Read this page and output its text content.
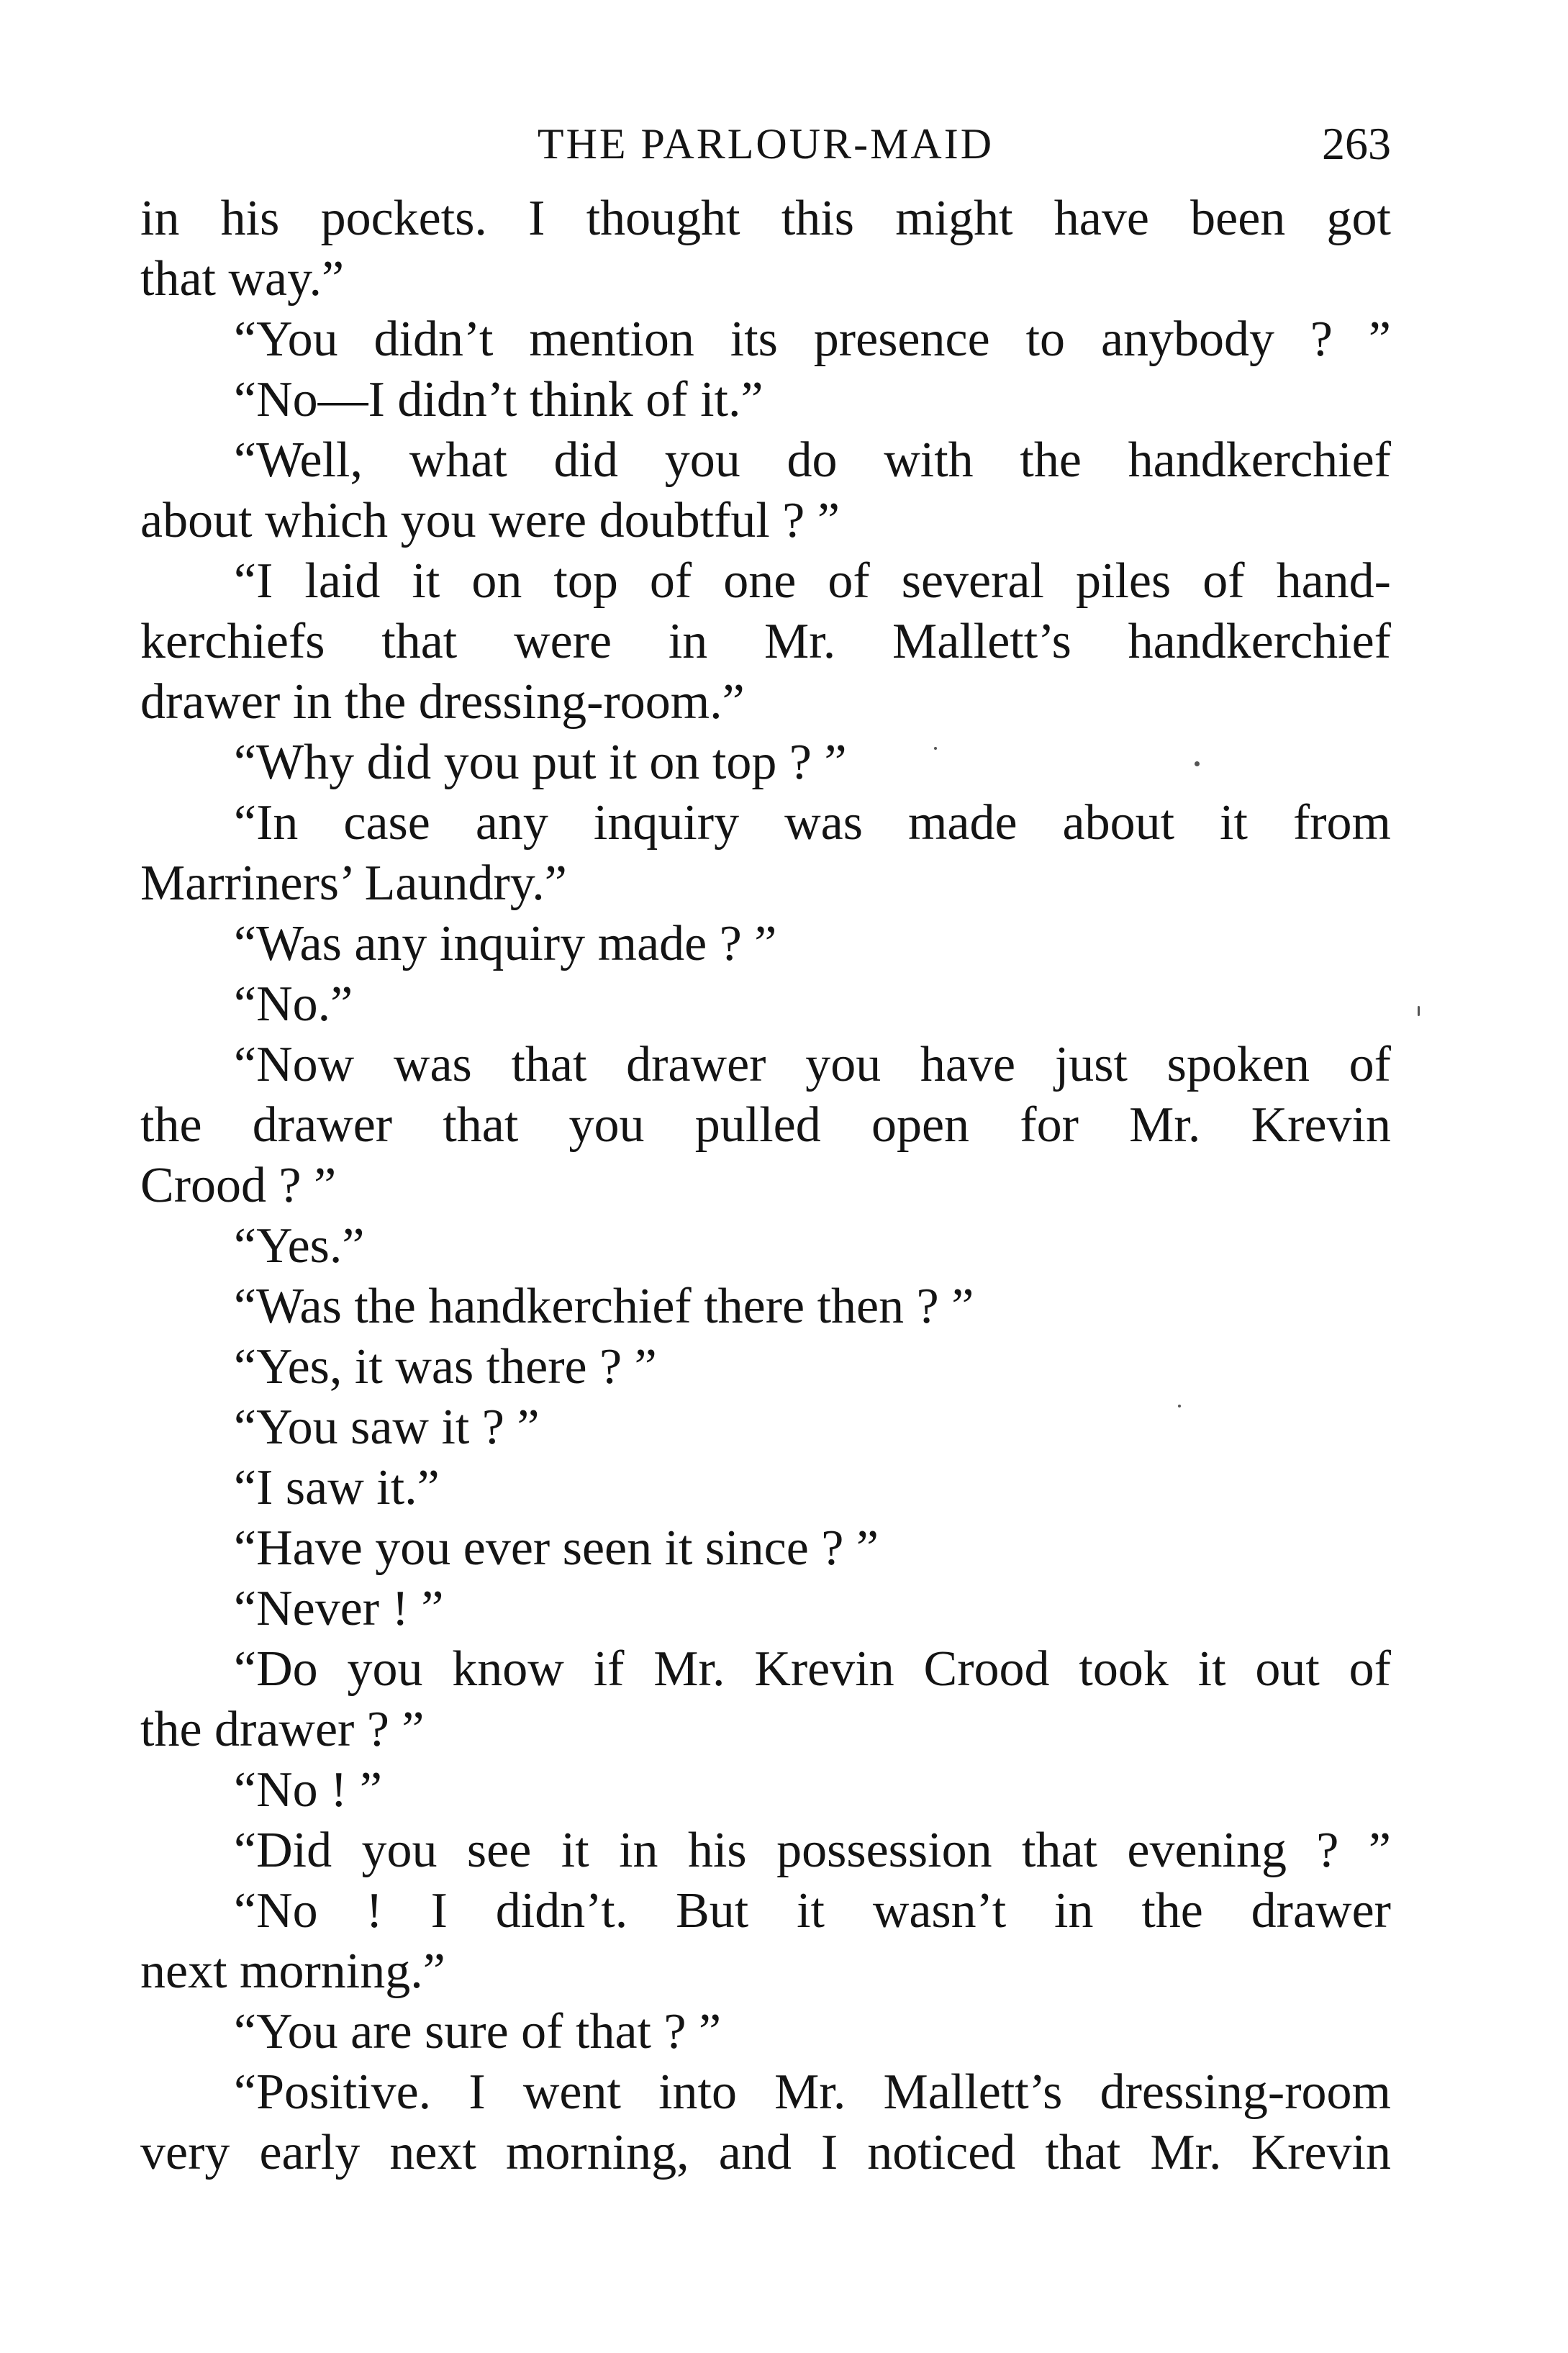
THE PARLOUR-MAID	263
in his pockets. I thought this might have been got
that way.”
“You didn’t mention its presence to anybody ? ”
“No—I didn’t think of it.”
“Well, what did you do with the handkerchief
about which you were doubtful ? ”
“I laid it on top of one of several piles of hand-
kerchiefs that were in Mr. Mallett’s handkerchief
drawer in the dressing-room.”
“Why did you put it on top ? ”
“In case any inquiry was made about it from
Marriners’ Laundry.”
“Was any inquiry made ? ”
“No.”
“Now was that drawer you have just spoken of
the drawer that you pulled open for Mr. Krevin
Crood ? ”
“Yes.”
“Was the handkerchief there then ? ”
“Yes, it was there ? ”
“You saw it ? ”
“I saw it.”
“Have you ever seen it since ? ”
“Never ! ”
“Do you know if Mr. Krevin Crood took it out of
the drawer ? ”
“No ! ”
“Did you see it in his possession that evening ? ”
“No ! I didn’t. But it wasn’t in the drawer
next morning.”
“You are sure of that ? ”
“Positive. I went into Mr. Mallett’s dressing-room
very early next morning, and I noticed that Mr. Krevin
